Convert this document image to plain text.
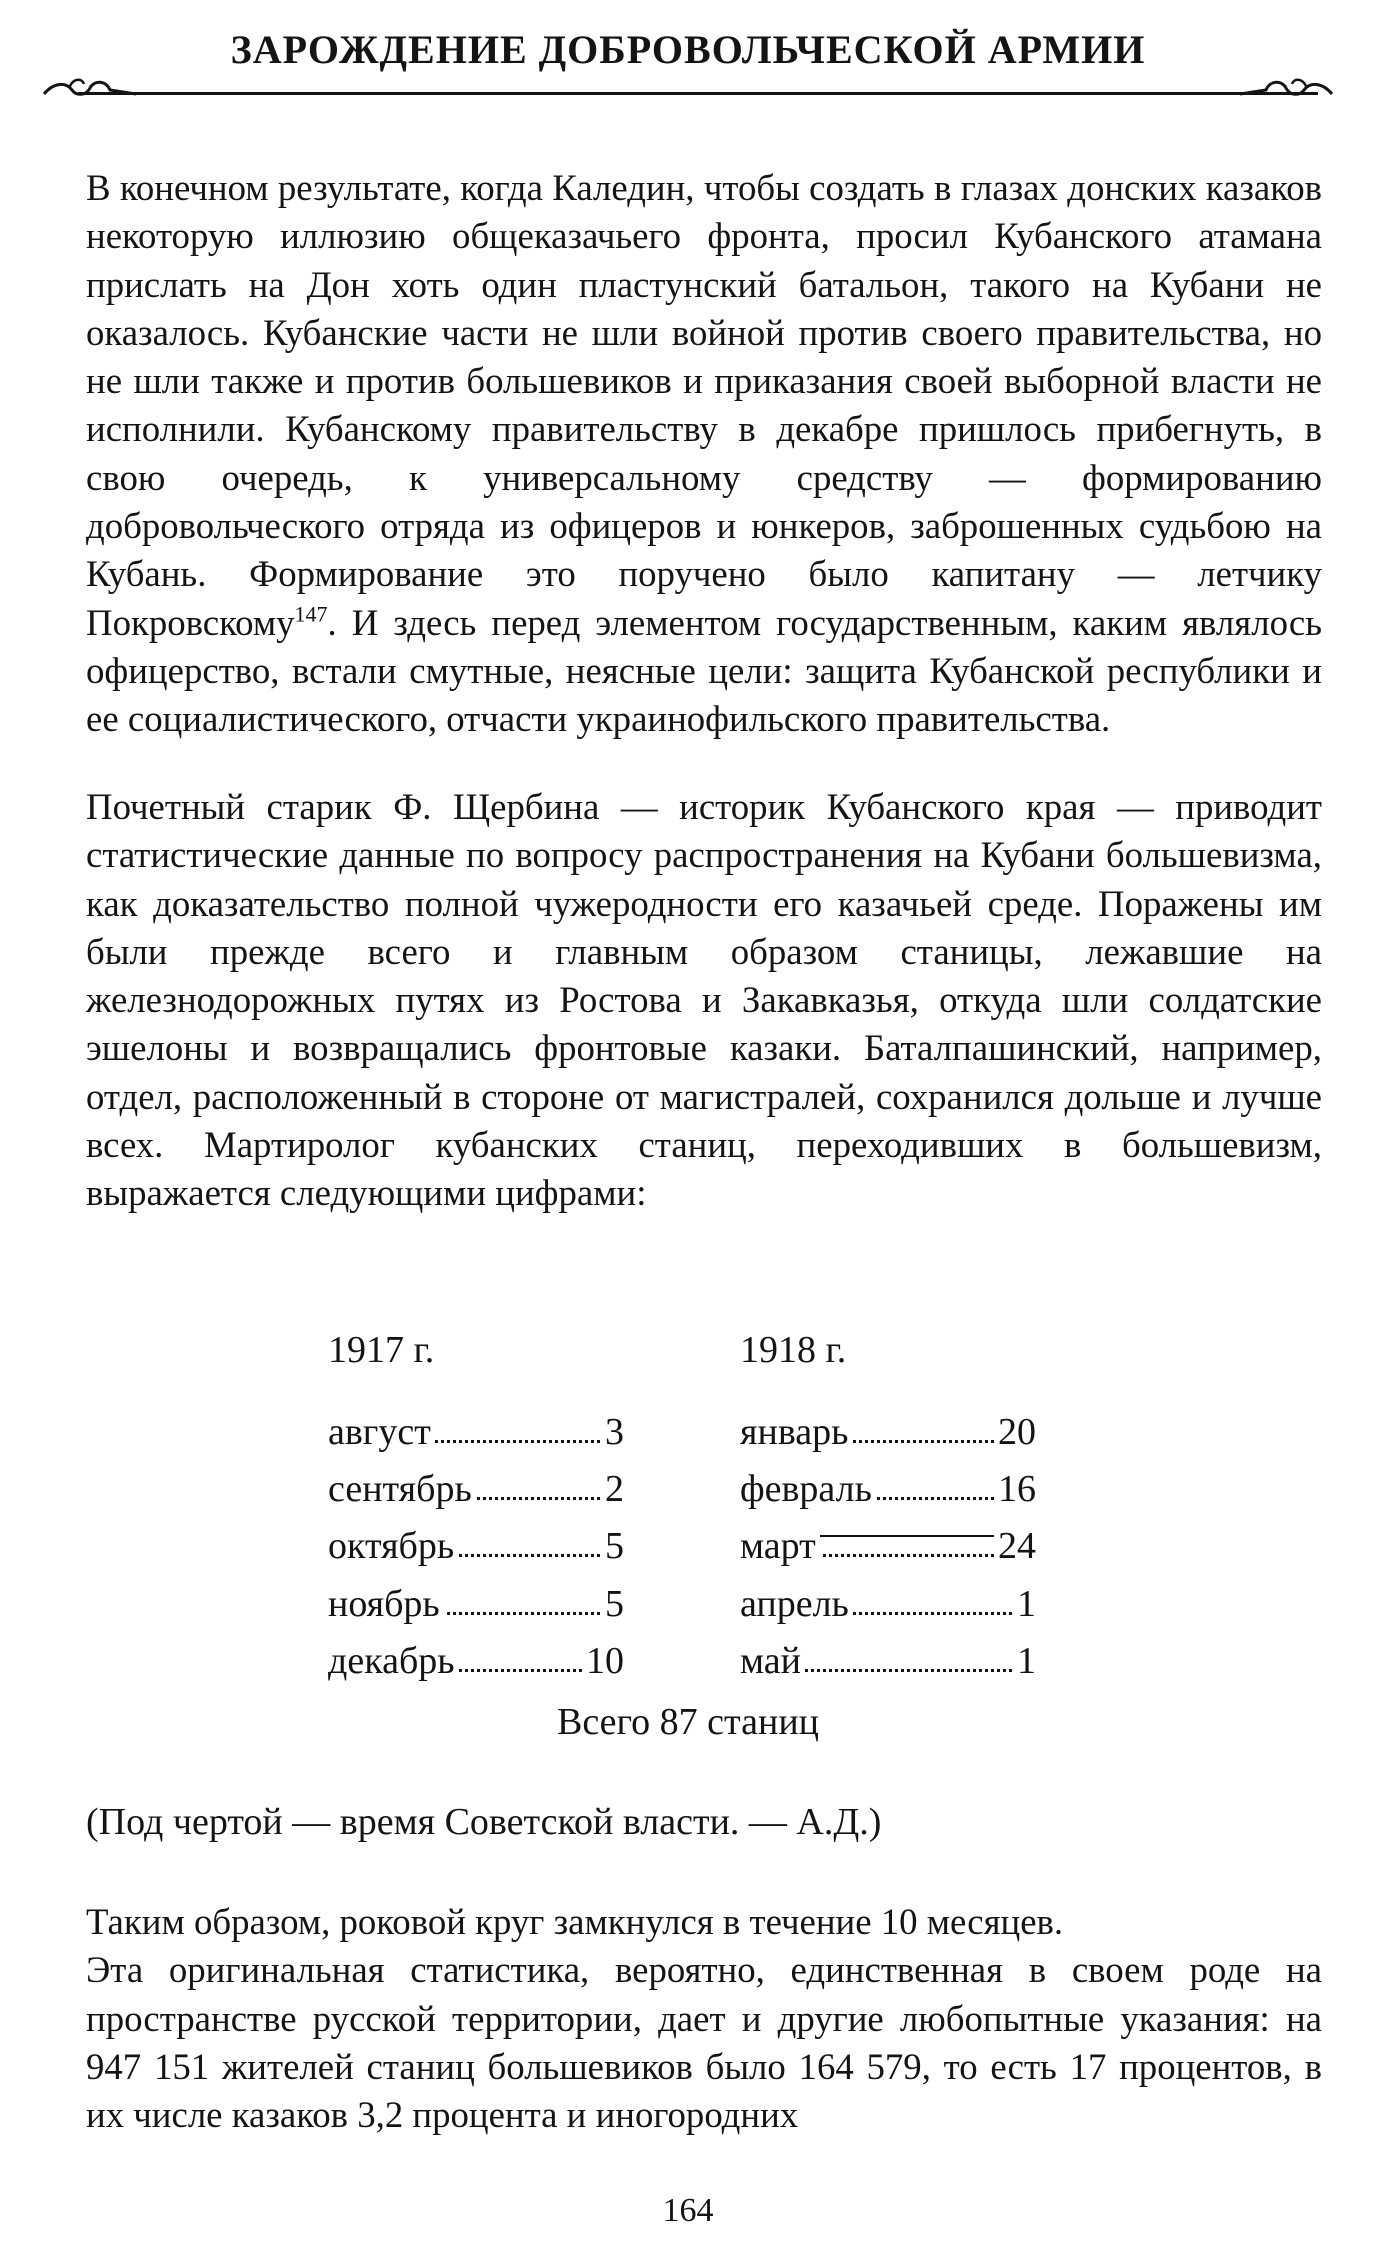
ЗАРОЖДЕНИЕ ДОБРОВОЛЬЧЕСКОЙ АРМИИ

В конечном результате, когда Каледин, чтобы создать в глазах донских казаков некоторую иллюзию общеказачьего фронта, просил Кубанского атамана прислать на Дон хоть один пластунский батальон, такого на Кубани не оказалось. Кубанские части не шли войной против своего правительства, но не шли также и против большевиков и приказания своей выборной власти не исполнили. Кубанскому правительству в декабре пришлось прибегнуть, в свою очередь, к универсальному средству — формированию добровольческого отряда из офицеров и юнкеров, заброшенных судьбою на Кубань. Формирование это поручено было капитану — летчику Покровскому$^{147}$. И здесь перед элементом государственным, каким являлось офицерство, встали смутные, неясные цели: защита Кубанской республики и ее социалистического, отчасти украинофильского правительства.

Почетный старик Ф. Щербина — историк Кубанского края — приводит статистические данные по вопросу распространения на Кубани большевизма, как доказательство полной чужеродности его казачьей среде. Поражены им были прежде всего и главным образом станицы, лежавшие на железнодорожных путях из Ростова и Закавказья, откуда шли солдатские эшелоны и возвращались фронтовые казаки. Баталпашинский, например, отдел, расположенный в стороне от магистралей, сохранился дольше и лучше всех. Мартиролог кубанских станиц, переходивших в большевизм, выражается следующими цифрами:

1917 г.	1918 г.
август	3
сентябрь	2
октябрь	5
ноябрь	5
декабрь	10
январь	20
февраль	16
март	24
апрель	1
май	1
Всего 87 станиц
(Под чертой — время Советской власти. — А.Д.)
Таким образом, роковой круг замкнулся в течение 10 месяцев.
Эта оригинальная статистика, вероятно, единственная в своем роде на пространстве русской территории, дает и другие любопытные указания: на 947 151 жителей станиц большевиков было 164 579, то есть 17 процентов, в их числе казаков 3,2 процента и иногородних
164
